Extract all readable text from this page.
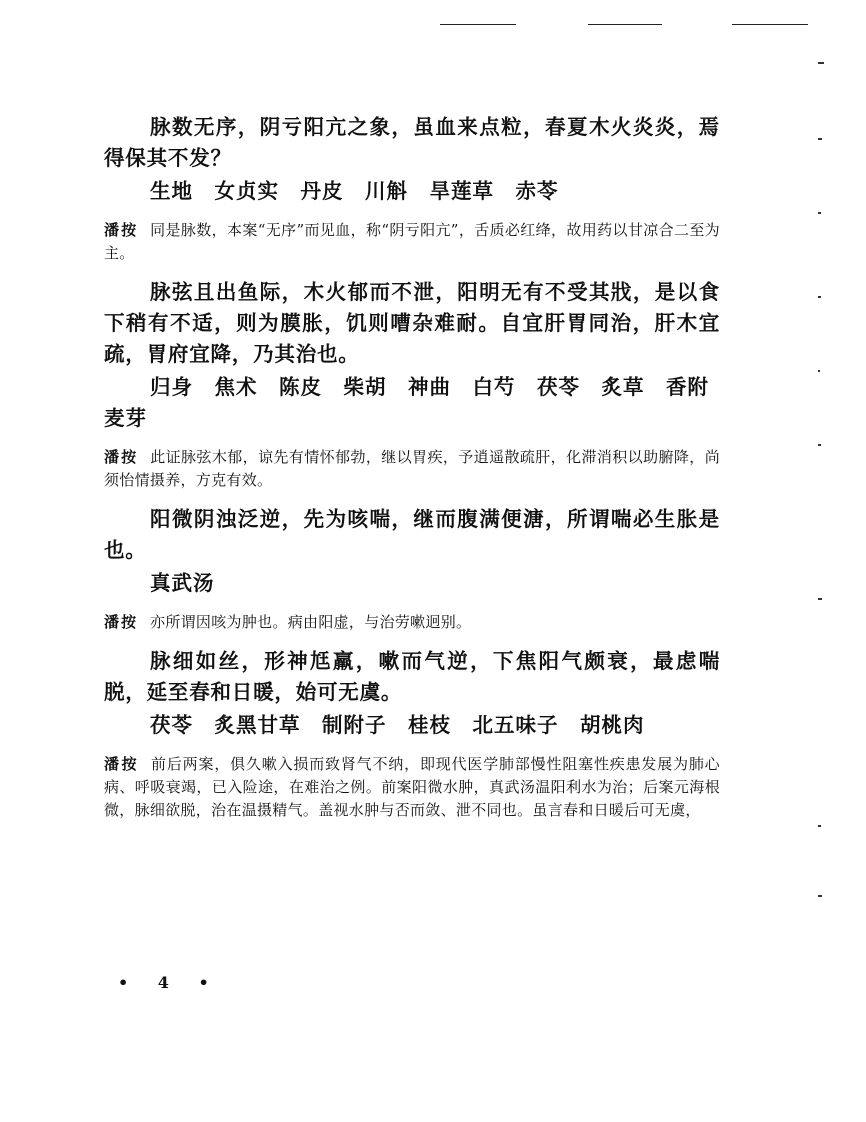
脉数无序，阴亏阳亢之象，虽血来点粒，春夏木火炎炎，焉得保其不发？

生地　女贞实　丹皮　川斛　旱莲草　赤苓

潘按 同是脉数，本案“无序”而见血，称“阴亏阳亢”，舌质必红绛，故用药以甘凉合二至为主。

脉弦且出鱼际，木火郁而不泄，阳明无有不受其戕，是以食下稍有不适，则为膜胀，饥则嘈杂难耐。自宜肝胃同治，肝木宜疏，胃府宜降，乃其治也。

归身　焦术　陈皮　柴胡　神曲　白芍　茯苓　炙草　香附　麦芽

潘按 此证脉弦木郁，谅先有情怀郁勃，继以胃疾，予逍遥散疏肝，化滞消积以助腑降，尚须怡情摄养，方克有效。

阳微阴浊泛逆，先为咳喘，继而腹满便溏，所谓喘必生胀是也。

真武汤

潘按 亦所谓因咳为肿也。病由阳虚，与治劳嗽迥别。

脉细如丝，形神尪羸，嗽而气逆，下焦阳气颇衰，最虑喘脱，延至春和日暖，始可无虞。

茯苓　炙黑甘草　制附子　桂枝　北五味子　胡桃肉

潘按 前后两案，俱久嗽入损而致肾气不纳，即现代医学肺部慢性阻塞性疾患发展为肺心病、呼吸衰竭，已入险途，在难治之例。前案阳微水肿，真武汤温阳利水为治；后案元海根微，脉细欲脱，治在温摄精气。盖视水肿与否而敛、泄不同也。虽言春和日暖后可无虞，

• 4 •
